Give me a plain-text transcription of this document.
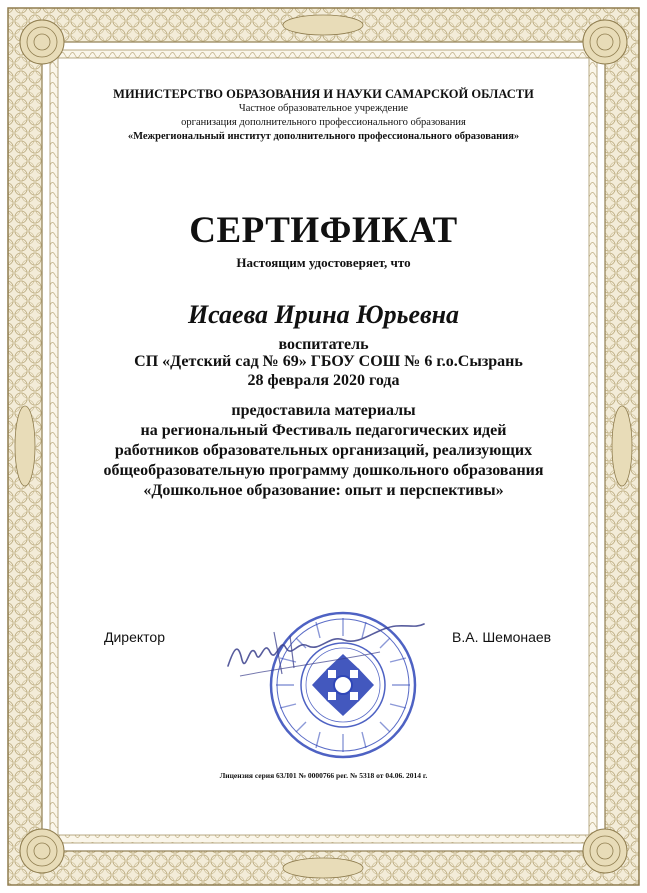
МИНИСТЕРСТВО ОБРАЗОВАНИЯ И НАУКИ САМАРСКОЙ ОБЛАСТИ

Частное образовательное учреждение

организация дополнительного профессионального образования

«Межрегиональный институт дополнительного профессионального образования»

СЕРТИФИКАТ

Настоящим удостоверяет, что

Исаева Ирина Юрьевна

воспитатель

СП «Детский сад № 69» ГБОУ СОШ № 6 г.о.Сызрань

28 февраля 2020 года

предоставила материалы

на региональный Фестиваль педагогических идей

работников образовательных организаций, реализующих

общеобразовательную программу дошкольного образования

«Дошкольное образование: опыт и перспективы»

Директор	В.А. Шемонаев

Лицензия серия 63Л01 № 0000766 рег. № 5318 от 04.06. 2014 г.
